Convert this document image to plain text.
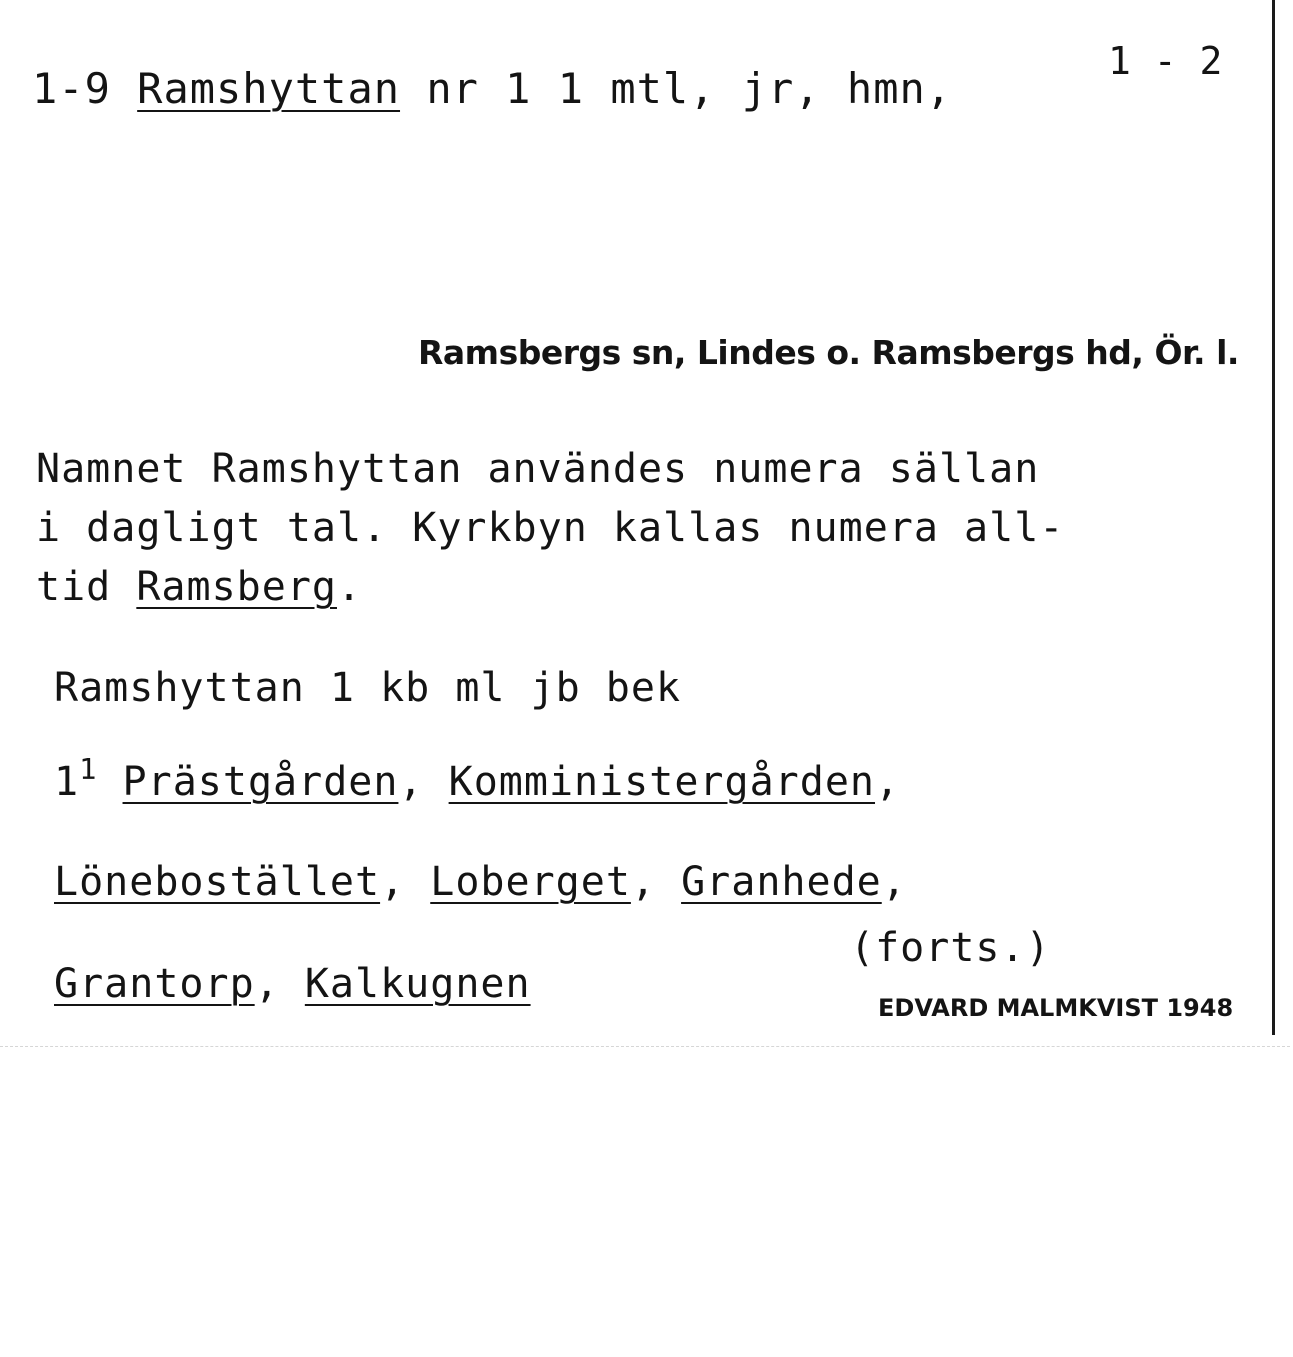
1-9 Ramshyttan nr 1 1 mtl, jr, hmn,
1 - 2
Ramsbergs sn, Lindes o. Ramsbergs hd, Ör. l.
Namnet Ramshyttan användes numera sällan
i dagligt tal. Kyrkbyn kallas numera all-
tid Ramsberg.
Ramshyttan 1 kb ml jb bek
$1^1$ Prästgården, Komministergården,
Lönebostället, Loberget, Granhede,
Grantorp, Kalkugnen
(forts.)
EDVARD MALMKVIST 1948
